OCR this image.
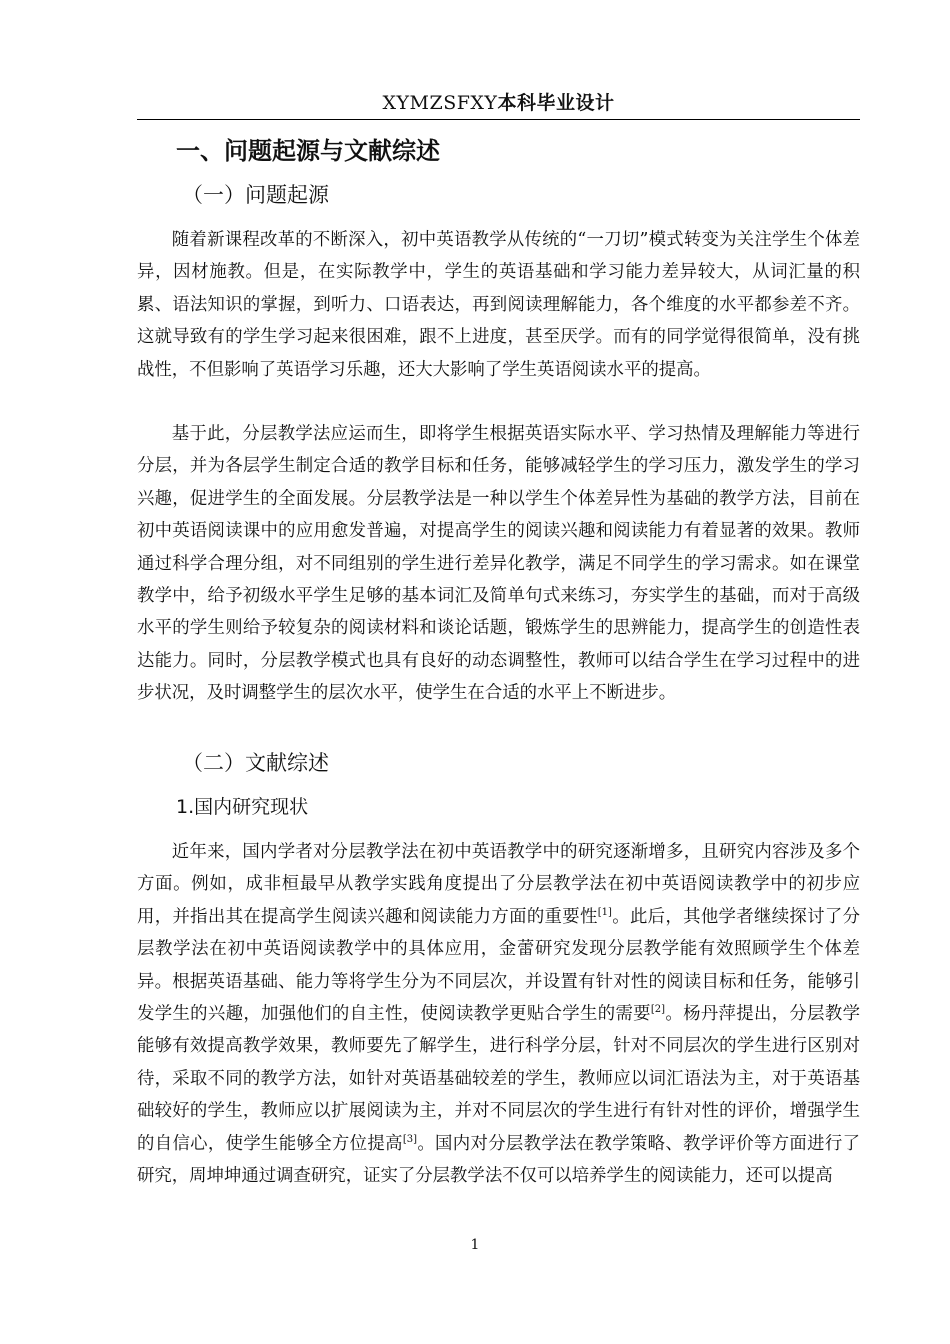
XYMZSFXY本科毕业设计
一、问题起源与文献综述
（一）问题起源

随着新课程改革的不断深入，初中英语教学从传统的“一刀切”模式转变为关注学生个体差异，因材施教。但是，在实际教学中，学生的英语基础和学习能力差异较大，从词汇量的积累、语法知识的掌握，到听力、口语表达，再到阅读理解能力，各个维度的水平都参差不齐。这就导致有的学生学习起来很困难，跟不上进度，甚至厌学。而有的同学觉得很简单，没有挑战性，不但影响了英语学习乐趣，还大大影响了学生英语阅读水平的提高。

基于此，分层教学法应运而生，即将学生根据英语实际水平、学习热情及理解能力等进行分层，并为各层学生制定合适的教学目标和任务，能够减轻学生的学习压力，激发学生的学习兴趣，促进学生的全面发展。分层教学法是一种以学生个体差异性为基础的教学方法，目前在初中英语阅读课中的应用愈发普遍，对提高学生的阅读兴趣和阅读能力有着显著的效果。教师通过科学合理分组，对不同组别的学生进行差异化教学，满足不同学生的学习需求。如在课堂教学中，给予初级水平学生足够的基本词汇及简单句式来练习，夯实学生的基础，而对于高级水平的学生则给予较复杂的阅读材料和谈论话题，锻炼学生的思辨能力，提高学生的创造性表达能力。同时，分层教学模式也具有良好的动态调整性，教师可以结合学生在学习过程中的进步状况，及时调整学生的层次水平，使学生在合适的水平上不断进步。

（二）文献综述
1.国内研究现状

近年来，国内学者对分层教学法在初中英语教学中的研究逐渐增多，且研究内容涉及多个方面。例如，成非桓最早从教学实践角度提出了分层教学法在初中英语阅读教学中的初步应用，并指出其在提高学生阅读兴趣和阅读能力方面的重要性[1]。此后，其他学者继续探讨了分层教学法在初中英语阅读教学中的具体应用，金蕾研究发现分层教学能有效照顾学生个体差异。根据英语基础、能力等将学生分为不同层次，并设置有针对性的阅读目标和任务，能够引发学生的兴趣，加强他们的自主性，使阅读教学更贴合学生的需要[2]。杨丹萍提出，分层教学能够有效提高教学效果，教师要先了解学生，进行科学分层，针对不同层次的学生进行区别对待，采取不同的教学方法，如针对英语基础较差的学生，教师应以词汇语法为主，对于英语基础较好的学生，教师应以扩展阅读为主，并对不同层次的学生进行有针对性的评价，增强学生的自信心，使学生能够全方位提高[3]。国内对分层教学法在教学策略、教学评价等方面进行了研究，周坤坤通过调查研究，证实了分层教学法不仅可以培养学生的阅读能力，还可以提高

1
